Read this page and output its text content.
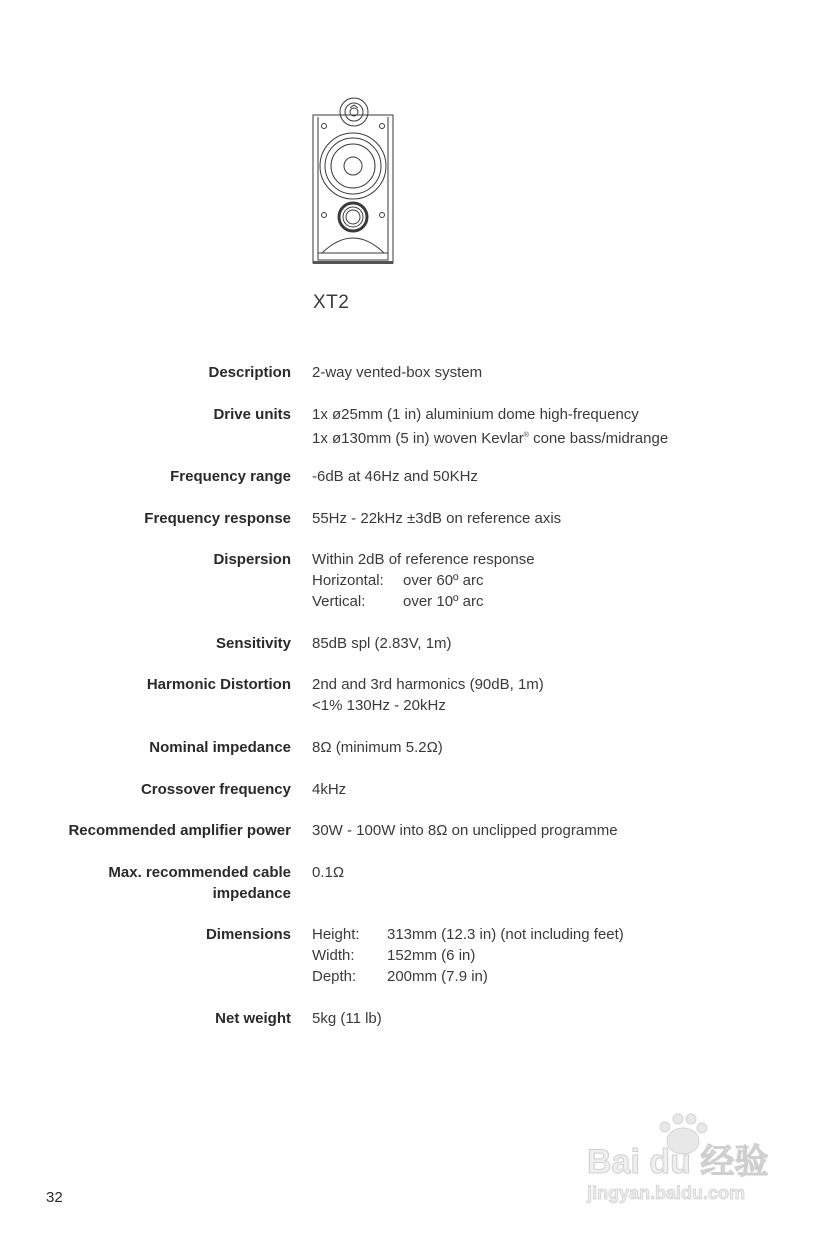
XT2
Description 2-way vented-box system
Drive units 1x ø25mm (1 in) aluminium dome high-frequency
1x ø130mm (5 in) woven Kevlar® cone bass/midrange
Frequency range -6dB at 46Hz and 50KHz
Frequency response 55Hz - 22kHz ±3dB on reference axis
Dispersion Within 2dB of reference response
Horizontal: over 60º arc
Vertical:	over 10º arc
Sensitivity 85dB spl (2.83V, 1m)
Harmonic Distortion 2nd and 3rd harmonics (90dB, 1m)
<1% 130Hz - 20kHz
Nominal impedance 8Ω (minimum 5.2Ω)
Crossover frequency 4kHz
Recommended amplifier power 30W - 100W into 8Ω on unclipped programme
Max. recommended cable
impedance
0.1Ω
Dimensions Height: 313mm (12.3 in) (not including feet)
Width: 152mm (6 in)
Depth: 200mm (7.9 in)
Net weight 5kg (11 lb)
Bai du 经验
jingyan.baidu.com
32
